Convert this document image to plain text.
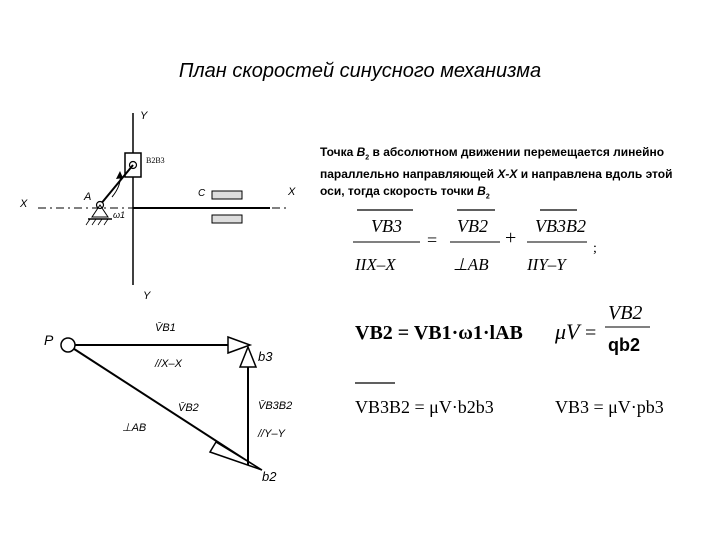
План скоростей синусного механизма
Точка $B_2$ в абсолютном движении перемещается линейно параллельно направляющей X-X и направлена вдоль этой оси, тогда скорость точки $B_2$
Y
Y
X
X
A
ω1
B2B3
C
P
b3
b2
V̄B1
//X–X
V̄B2
⊥AB
V̄B3B2
//Y–Y
VB3
IIX–X
=
VB2
⊥AB
+
VB3B2
IIY–Y
;
VB2 = VB1·ω1·lAB μV =
VB2
qb2
VB3B2 = μV·b2b3	VB3 = μV·pb3
